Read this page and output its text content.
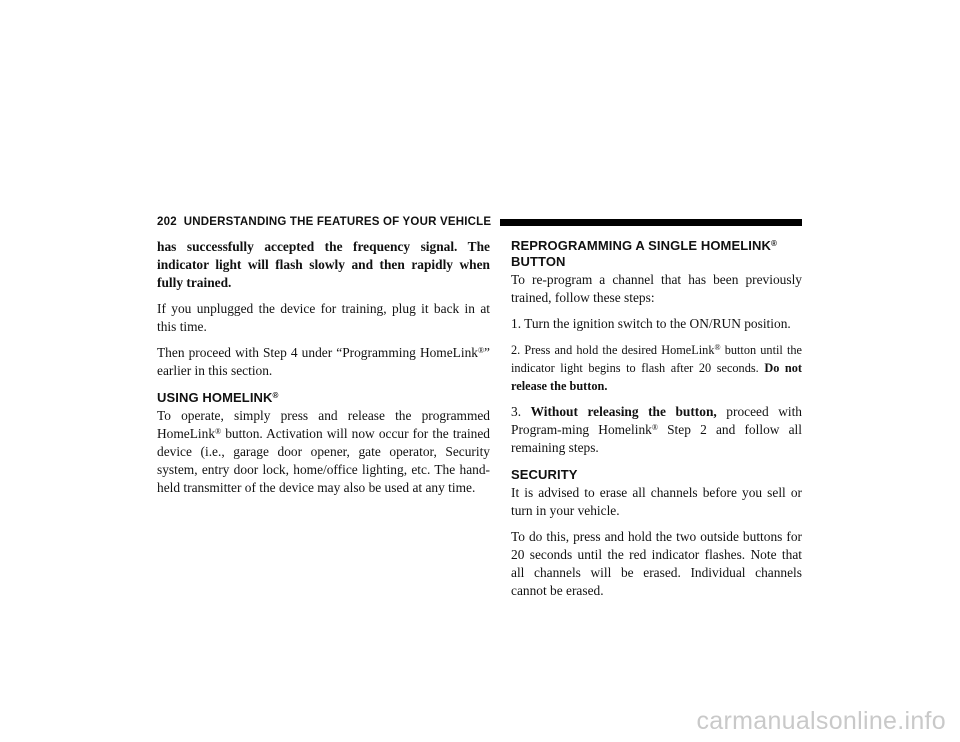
202 UNDERSTANDING THE FEATURES OF YOUR VEHICLE

has successfully accepted the frequency signal. The indicator light will flash slowly and then rapidly when fully trained.

If you unplugged the device for training, plug it back in at this time.

Then proceed with Step 4 under “Programming HomeLink®” earlier in this section.

USING HOMELINK®

To operate, simply press and release the programmed HomeLink® button. Activation will now occur for the trained device (i.e., garage door opener, gate operator, Security system, entry door lock, home/office lighting, etc. The hand-held transmitter of the device may also be used at any time.

REPROGRAMMING A SINGLE HOMELINK®
BUTTON

To re-program a channel that has been previously trained, follow these steps:

1. Turn the ignition switch to the ON/RUN position.

2. Press and hold the desired HomeLink® button until the indicator light begins to flash after 20 seconds. Do not release the button.

3. Without releasing the button, proceed with Program-ming Homelink® Step 2 and follow all remaining steps.

SECURITY

It is advised to erase all channels before you sell or turn in your vehicle.

To do this, press and hold the two outside buttons for 20 seconds until the red indicator flashes. Note that all channels will be erased. Individual channels cannot be erased.

carmanualsonline.info
